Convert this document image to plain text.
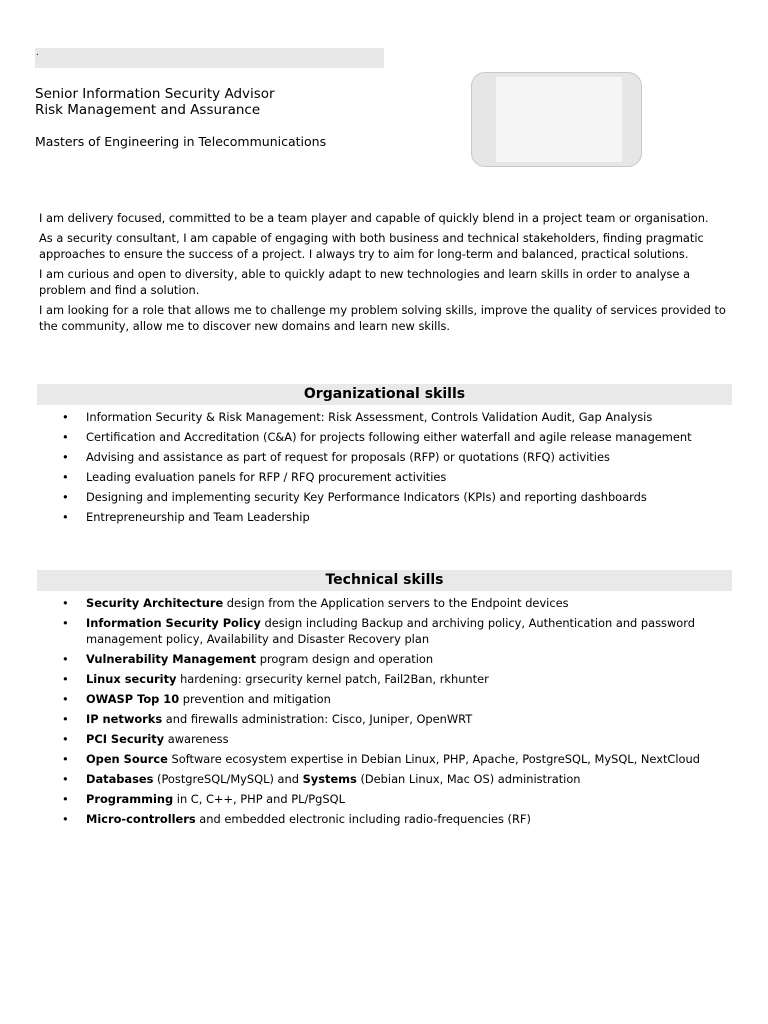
.
Senior Information Security Advisor
Risk Management and Assurance
Masters of Engineering in Telecommunications

I am delivery focused, committed to be a team player and capable of quickly blend in a project team or organisation.

As a security consultant, I am capable of engaging with both business and technical stakeholders, finding pragmatic approaches to ensure the success of a project. I always try to aim for long-term and balanced, practical solutions.

I am curious and open to diversity, able to quickly adapt to new technologies and learn skills in order to analyse a problem and find a solution.

I am looking for a role that allows me to challenge my problem solving skills, improve the quality of services provided to the community, allow me to discover new domains and learn new skills.

Organizational skills
• Information Security & Risk Management: Risk Assessment, Controls Validation Audit, Gap Analysis
• Certification and Accreditation (C&A) for projects following either waterfall and agile release management
• Advising and assistance as part of request for proposals (RFP) or quotations (RFQ) activities
• Leading evaluation panels for RFP / RFQ procurement activities
• Designing and implementing security Key Performance Indicators (KPIs) and reporting dashboards
• Entrepreneurship and Team Leadership
Technical skills
• Security Architecture design from the Application servers to the Endpoint devices
• Information Security Policy design including Backup and archiving policy, Authentication and password management policy, Availability and Disaster Recovery plan
• Vulnerability Management program design and operation
• Linux security hardening: grsecurity kernel patch, Fail2Ban, rkhunter
• OWASP Top 10 prevention and mitigation
• IP networks and firewalls administration: Cisco, Juniper, OpenWRT
• PCI Security awareness
• Open Source Software ecosystem expertise in Debian Linux, PHP, Apache, PostgreSQL, MySQL, NextCloud
• Databases (PostgreSQL/MySQL) and Systems (Debian Linux, Mac OS) administration
• Programming in C, C++, PHP and PL/PgSQL
• Micro-controllers and embedded electronic including radio-frequencies (RF)
